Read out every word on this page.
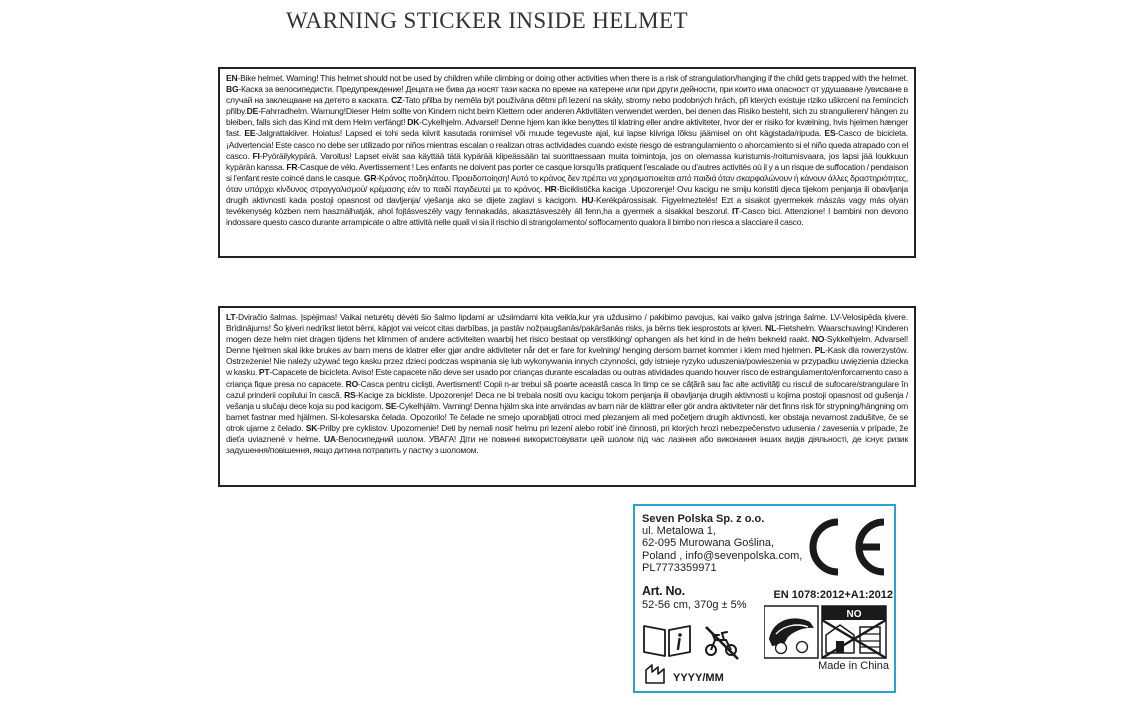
WARNING STICKER INSIDE HELMET

EN-Bike helmet. Warning! This helmet should not be used by children while climbing or doing other activities when there is a risk of strangulation/hanging if the child gets trapped with the helmet.

BG-Каска за велосипедисти. Предупреждение! Децата не бива да носят тази каска по време на катерене или при други дейности, при които има опасност от удушаване /увисване в случай на заклещване на детето в каската.

CZ-Tato přilba by neměla být používána dětmi při lezení na skály, stromy nebo podobných hrách, při kterých existuje riziko uškrcení na řemíncích přilby.

DE-Fahrradhelm. Warnung!Dieser Helm sollte von Kindern nicht beim Klettern oder anderen Aktivitäten verwendet werden, bei denen das Risiko besteht, sich zu strangulieren/ hängen zu bleiben, falls sich das Kind mit dem Helm verfängt!

DK-Cykelhjelm. Advarsel! Denne hjem kan ikke benyttes til klatring eller andre aktiviteter, hvor der er risiko for kvælning, hvis hjelmen hænger fast.

EE-Jalgrattakiiver. Hoiatus! Lapsed ei tohi seda kiivrit kasutada ronimisel või muude tegevuste ajal, kui lapse kiivriga lõksu jäämisel on oht kägistada/ripuda.

ES-Casco de bicicleta. ¡Advertencia! Este casco no debe ser utilizado por niños mientras escalan o realizan otras actividades cuando existe riesgo de estrangulamiento o ahorcamiento si el niño queda atrapado con el casco.

FI-Pyöräilykypärä. Varoitus! Lapset eivät saa käyttää tätä kypärää kiipeässään tai suorittaessaan muita toimintoja, jos on olemassa kuristumis-/roitumisvaara, jos lapsi jää loukkuun kypärän kanssa.

FR-Casque de vélo. Avertissement ! Les enfants ne doivent pas porter ce casque lorsqu'ils pratiquent l'escalade ou d'autres activités où il y a un risque de suffocation / pendaison si l'enfant reste coincé dans le casque.

GR-Κράνος ποδηλάτου. Προειδοποίηση! Αυτό το κράνος δεν πρέπει να χρησιμοποιείται από παιδιά όταν σκαρφαλώνουν ή κάνουν άλλες δραστηριότητες, όταν υπάρχει κίνδυνος στραγγαλισμού/ κρέμασης εάν το παιδί παγιδευτεί με το κράνος.

HR-Biciklistička kaciga .Upozorenje! Ovu kacigu ne smiju koristiti djeca tijekom penjanja ili obavljanja drugih aktivnosti kada postoji opasnost od davljenja/ vješanja ako se dijete zaglavi s kacigom.

HU-Kerékpárossisak. Figyelmeztelés! Ezt a sisakot gyermekek mászás vagy más olyan tevékenység közben nem használhatják, ahol fojtásveszély vagy fennakadás, akasztásveszély áll fenn,ha a gyermek a sisakkal beszorul.

IT-Casco bici. Attenzione! I bambini non devono indossare questo casco durante arrampicate o altre attività nelle quali vi sia il rischio di strangolamento/ soffocamento qualora il bimbo non riesca a slacciare il casco.

LT-Dviračio šalmas. Įspėjimas! Vaikai neturėtų dėvėti šio šalmo lipdami ar užsiimdami kita veikla,kur yra uždusimo / pakibimo pavojus, kai vaiko galva įstringa šalme. LV-Velosipēda ķivere. Brīdinājums! Šo ķiveri nedrīkst lietot bērni, kāpjot vai veicot citas darbības, ja pastāv nožņaugšanās/pakāršanās risks, ja bērns tiek iesprostots ar ķiveri.

NL-Fietshelm. Waarschuwing! Kinderen mogen deze helm niet dragen tijdens het klimmen of andere activiteiten waarbij het risico bestaat op verstikking/ ophangen als het kind in de helm bekneld raakt.

NO-Sykkelhjelm. Advarsel! Denne hjelmen skal ikke brukes av barn mens de klatrer eller gjør andre aktiviteter når det er fare for kvelning/ henging dersom barnet kommer i klem med hjelmen.

PL-Kask dla rowerzystów. Ostrzeżenie! Nie należy używać tego kasku przez dzieci podczas wspinania się lub wykonywania innych czynności, gdy istnieje ryzyko uduszenia/powieszenia w przypadku uwięzienia dziecka w kasku.

PT-Capacete de bicicleta. Aviso! Este capacete não deve ser usado por crianças durante escaladas ou outras atividades quando houver risco de estrangulamento/enforcamento caso a criança fique presa no capacete.

RO-Casca pentru ciclişti. Avertisment! Copii n-ar trebui să poarte această casca în timp ce se cățără sau fac alte activități cu riscul de sufocare/strangulare în cazul prinderii copilului în cască.

RS-Kacige za bickliste. Upozorenje! Deca ne bi trebala nositi ovu kacigu tokom penjanja ili obavljanja drugih aktivnosti u kojima postoji opasnost od gušenja / vešanja u slučaju dece koja su pod kacigom.

SE-Cykelhjälm. Varning! Denna hjälm ska inte användas av barn när de klättrar eller gör andra aktiviteter när det finns risk för strypning/hängning om barnet fastnar med hjälmen. SI-kolesarska čelada. Opozorilo! Te čelade ne smejo uporabljati otroci med plezanjem ali med početjem drugih aktivnosti, ker obstaja nevarnost zadušitve, če se otrok ujame z čelado.

SK-Prilby pre cyklistov. Upozornenie! Deti by nemali nosiť helmu pri lezení alebo robiť iné činnosti, pri ktorých hrozí nebezpečenstvo udusenia / zavesenia v prípade, že dieťa uviaznené v helme.

UA-Велосипедний шолом. УВАГА! Діти не повинні використовувати цей шолом під час лазіння або виконання інших видів діяльності, де існує ризик задушення/повішення, якщо дитина потрапить у пастку з шоломом.

Seven Polska Sp. z o.o.
ul. Metalowa 1,
62-095 Murowana Goślina,
Poland , info@sevenpolska.com,
PL7773359971
Art. No.
52-56 cm, 370g ± 5%
EN 1078:2012+A1:2012
NO
Made in China
YYYY/MM
